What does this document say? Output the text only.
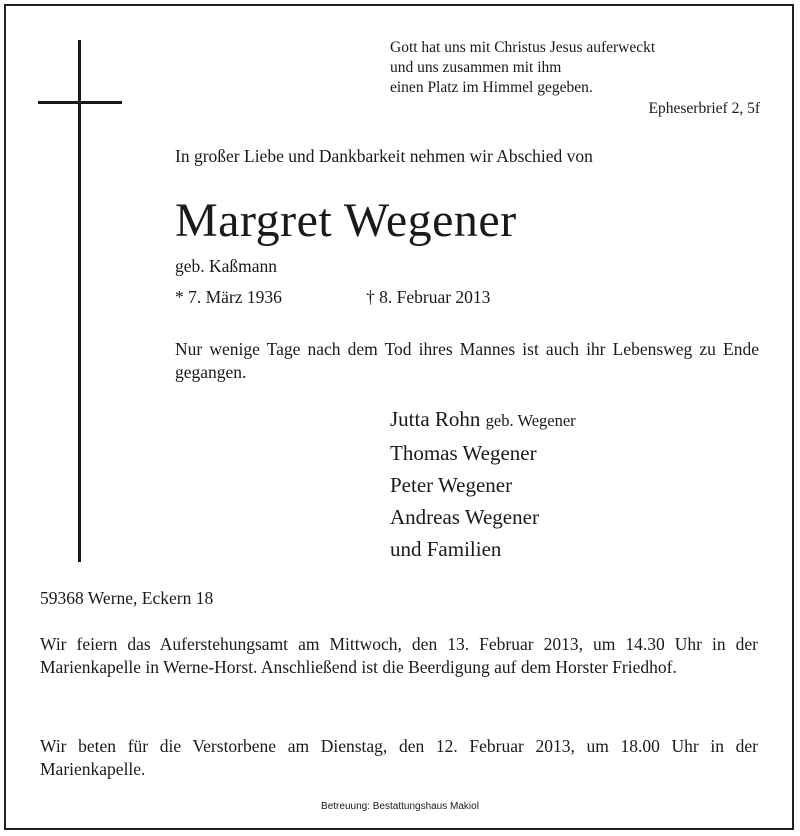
Gott hat uns mit Christus Jesus auferweckt
und uns zusammen mit ihm
einen Platz im Himmel gegeben.
Epheserbrief 2, 5f
In großer Liebe und Dankbarkeit nehmen wir Abschied von
Margret Wegener
geb. Kaßmann
* 7. März 1936	† 8. Februar 2013
Nur wenige Tage nach dem Tod ihres Mannes ist auch ihr Lebensweg zu Ende gegangen.
Jutta Rohn geb. Wegener
Thomas Wegener
Peter Wegener
Andreas Wegener
und Familien
59368 Werne, Eckern 18
Wir feiern das Auferstehungsamt am Mittwoch, den 13. Februar 2013, um 14.30 Uhr in der Marienkapelle in Werne-Horst. Anschließend ist die Beerdigung auf dem Horster Friedhof.
Wir beten für die Verstorbene am Dienstag, den 12. Februar 2013, um 18.00 Uhr in der Marienkapelle.
Betreuung: Bestattungshaus Makiol
